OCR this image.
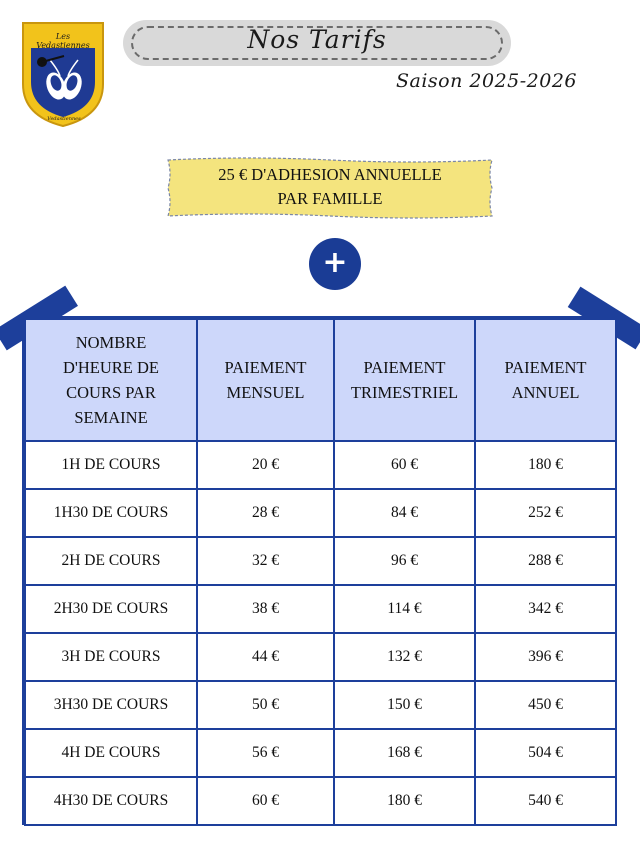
Les Vedastiennes
Vedastiennes
Nos Tarifs
Saison 2025-2026
25 € D'ADHESION ANNUELLE
PAR FAMILLE
+
NOMBRE D'HEURE DE COURS PAR SEMAINE	PAIEMENT MENSUEL	PAIEMENT TRIMESTRIEL	PAIEMENT ANNUEL
1H DE COURS	20 €	60 €	180 €
1H30 DE COURS	28 €	84 €	252 €
2H DE COURS	32 €	96 €	288 €
2H30 DE COURS	38 €	114 €	342 €
3H DE COURS	44 €	132 €	396 €
3H30 DE COURS	50 €	150 €	450 €
4H DE COURS	56 €	168 €	504 €
4H30 DE COURS	60 €	180 €	540 €
